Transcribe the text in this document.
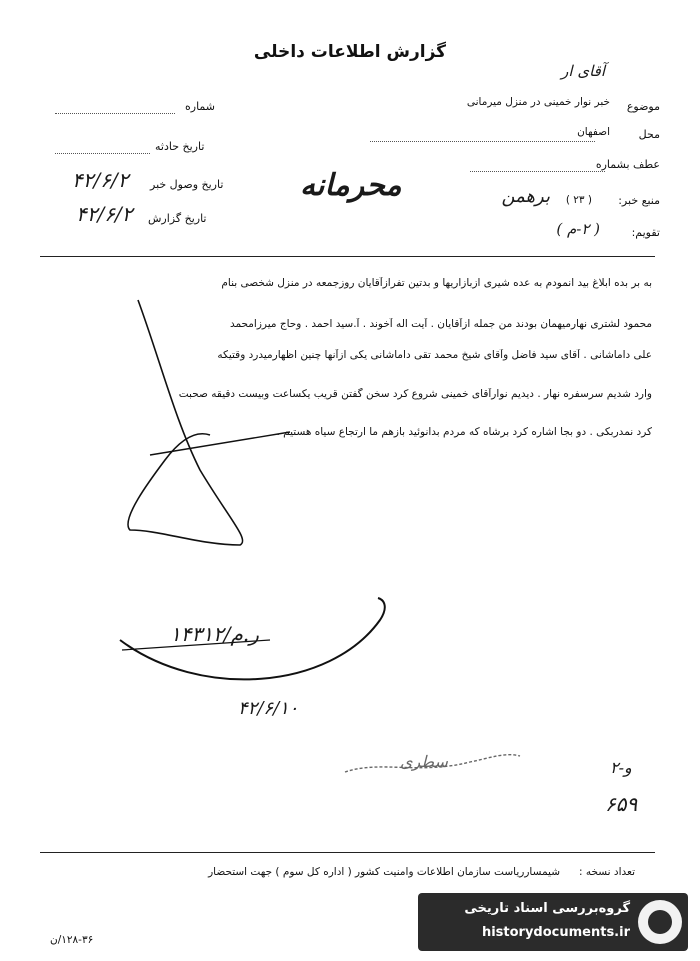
گزارش اطلاعات داخلی
آقای ار
موضوع
خبر نوار خمینی در منزل میرمانی
محل
اصفهان
عطف بشماره
منبع خبر:
( ۲۳ )
برهمن
تقویم:
( ۲-م )
محرمانه
شماره
تاریخ حادثه
۴۲/۶/۲ تاریخ وصول خبر
۴۲/۶/۲ تاریخ گزارش
به بر بده ابلاغ بید انمودم به عده شیری ازبازاریها و بدتین تفرازآقایان روزجمعه در منزل شخصی بنام
محمود لشتری نهارمیهمان بودند من جمله ازآقایان . آیت اله آخوند . آ.سید احمد . وحاج میرزامحمد
علی داماشانی . آقای سید فاضل وآقای شیخ محمد تقی داماشانی یکی ازآنها چنین اظهارمیدرد وقتیکه
وارد شدیم سرسفره نهار . دیدیم نوارآقای خمینی شروع کرد سخن گفتن قریب یکساعت وبیست دقیقه صحبت
کرد نمدربکی . دو بجا اشاره کرد برشاه که مردم بدانوئید بازهم ما ارتجاع سیاه هستیم .
۱۴۳۱۲/ر.م
۴۲/۶/۱۰
سطری	۲-و
۶۵۹
تعداد نسخه :
شیمسارریاست سازمان اطلاعات وامنیت کشور ( اداره کل سوم ) جهت استحضار
۱۲۸-۳۶/ن
گروه‌بررسی اسناد تاریخی
historydocuments.ir
